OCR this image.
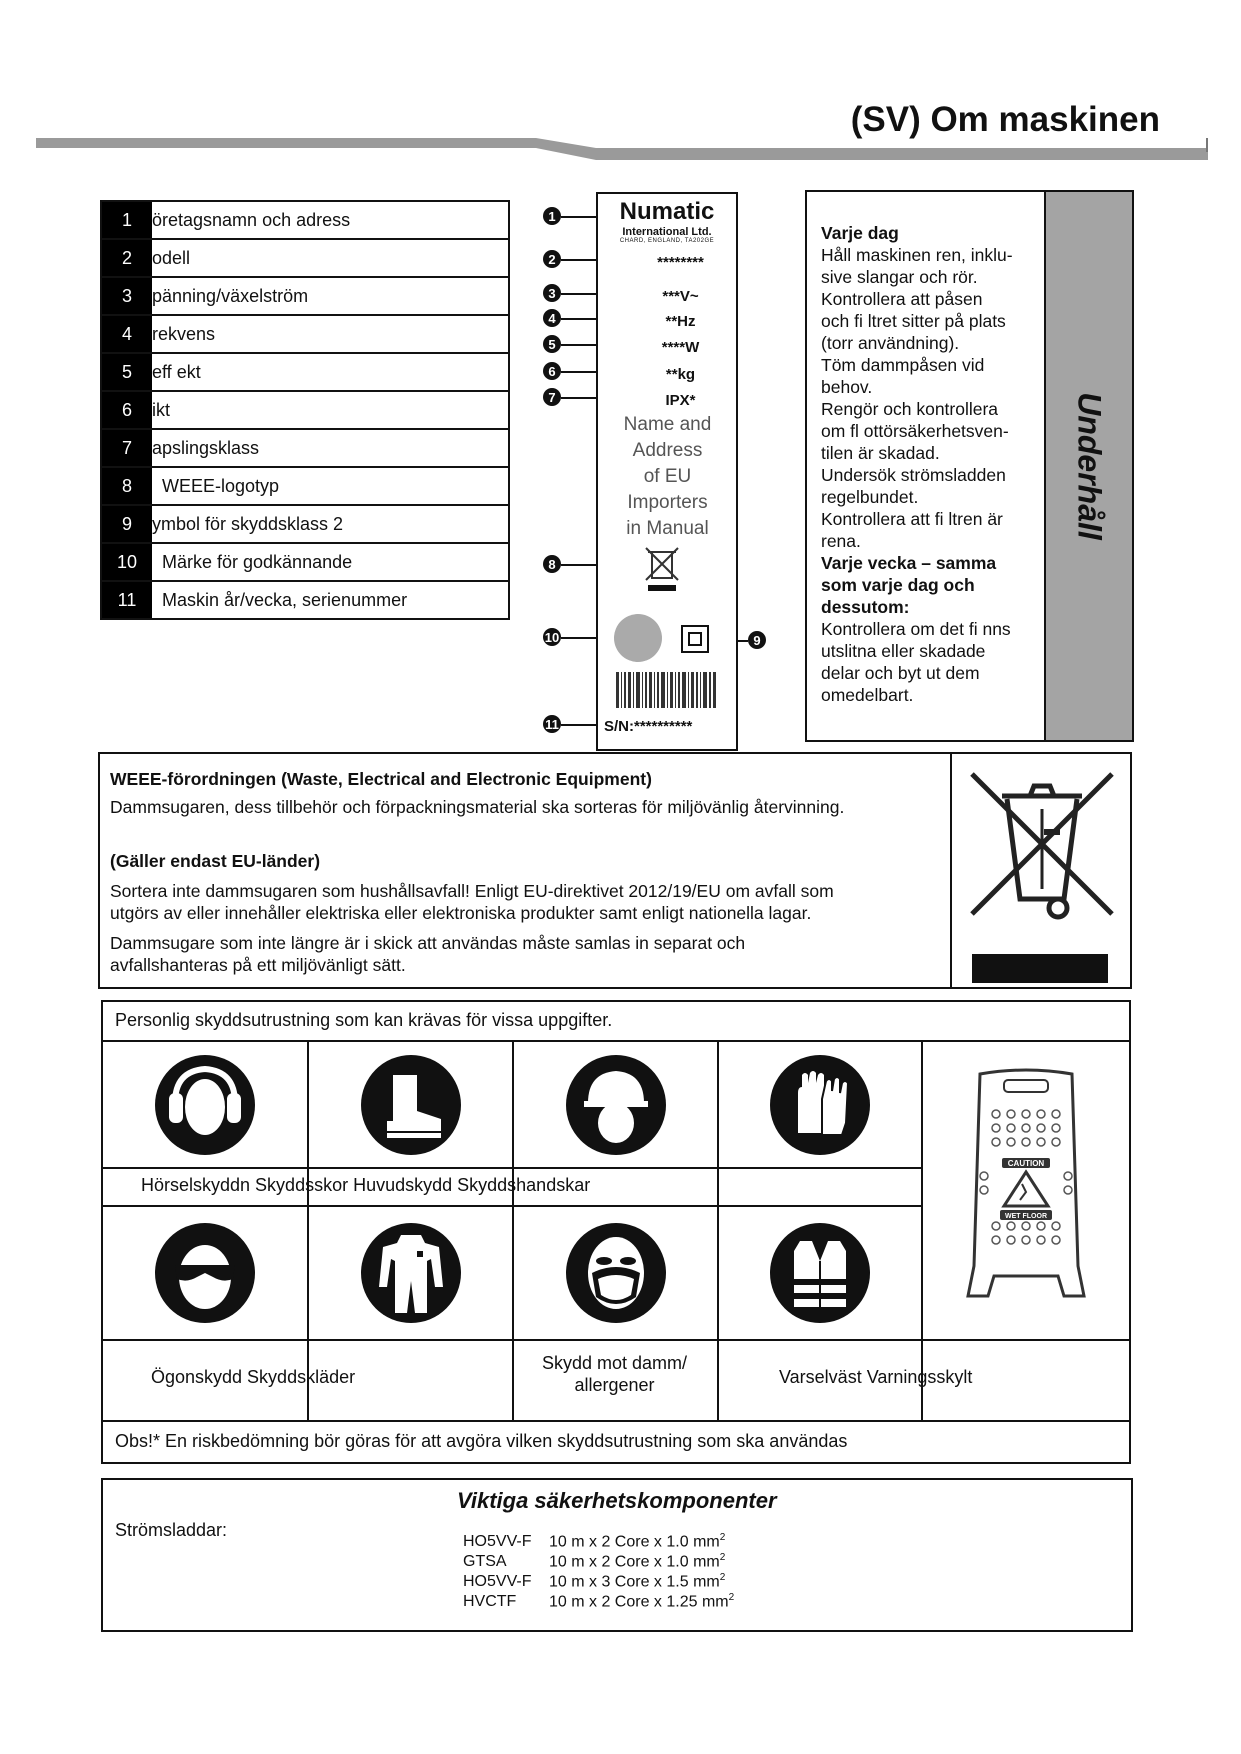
(SV) Om maskinen
1	öretagsnamn och adress
2	odell
3	pänning/växelström
4	rekvens
5	eff ekt
6	ikt
7	apslingsklass
8	WEEE-logotyp
9	ymbol för skyddsklass 2
10	Märke för godkännande
11	Maskin år/vecka, serienummer
1
2
3
4
5
6
7
8
10
11
9
Numatic
International Ltd.
CHARD, ENGLAND, TA202GE
********
***V~
**Hz
****W
**kg
IPX*
Name and
Address
of EU
Importers
in Manual
S/N:**********
Varje dag
Håll maskinen ren, inklu-
sive slangar och rör.
Kontrollera att påsen
och fi ltret sitter på plats
(torr användning).
Töm dammpåsen vid
behov.
Rengör och kontrollera
om fl ottörsäkerhetsven-
tilen är skadad.
Undersök strömsladden
regelbundet.
Kontrollera att fi ltren är
rena.
Varje vecka – samma
som varje dag och
dessutom:
Kontrollera om det fi nns
utslitna eller skadade
delar och byt ut dem
omedelbart.
Underhåll

WEEE-förordningen (Waste, Electrical and Electronic Equipment)

Dammsugaren, dess tillbehör och förpackningsmaterial ska sorteras för miljövänlig återvinning.

(Gäller endast EU-länder)

Sortera inte dammsugaren som hushållsavfall! Enligt EU-direktivet 2012/19/EU om avfall som
utgörs av eller innehåller elektriska eller elektroniska produkter samt enligt nationella lagar.

Dammsugare som inte längre är i skick att användas måste samlas in separat och
avfallshanteras på ett miljövänligt sätt.

Personlig skyddsutrustning som kan krävas för vissa uppgifter.
Hörselskyddn Skyddsskor Huvudskydd Skyddshandskar
CAUTION
WET FLOOR
Ögonskydd Skyddskläder
Skydd mot damm/
allergener	Varselväst Varningsskylt
Obs!* En riskbedömning bör göras för att avgöra vilken skyddsutrustning som ska användas
Viktiga säkerhetskomponenter
Strömsladdar:
HO5VV-F 10 m x 2 Core x 1.0 $mm^2$
GTSA	10 m x 2 Core x 1.0 $mm^2$
HO5VV-F 10 m x 3 Core x 1.5 $mm^2$
HVCTF 10 m x 2 Core x 1.25 $mm^2$
